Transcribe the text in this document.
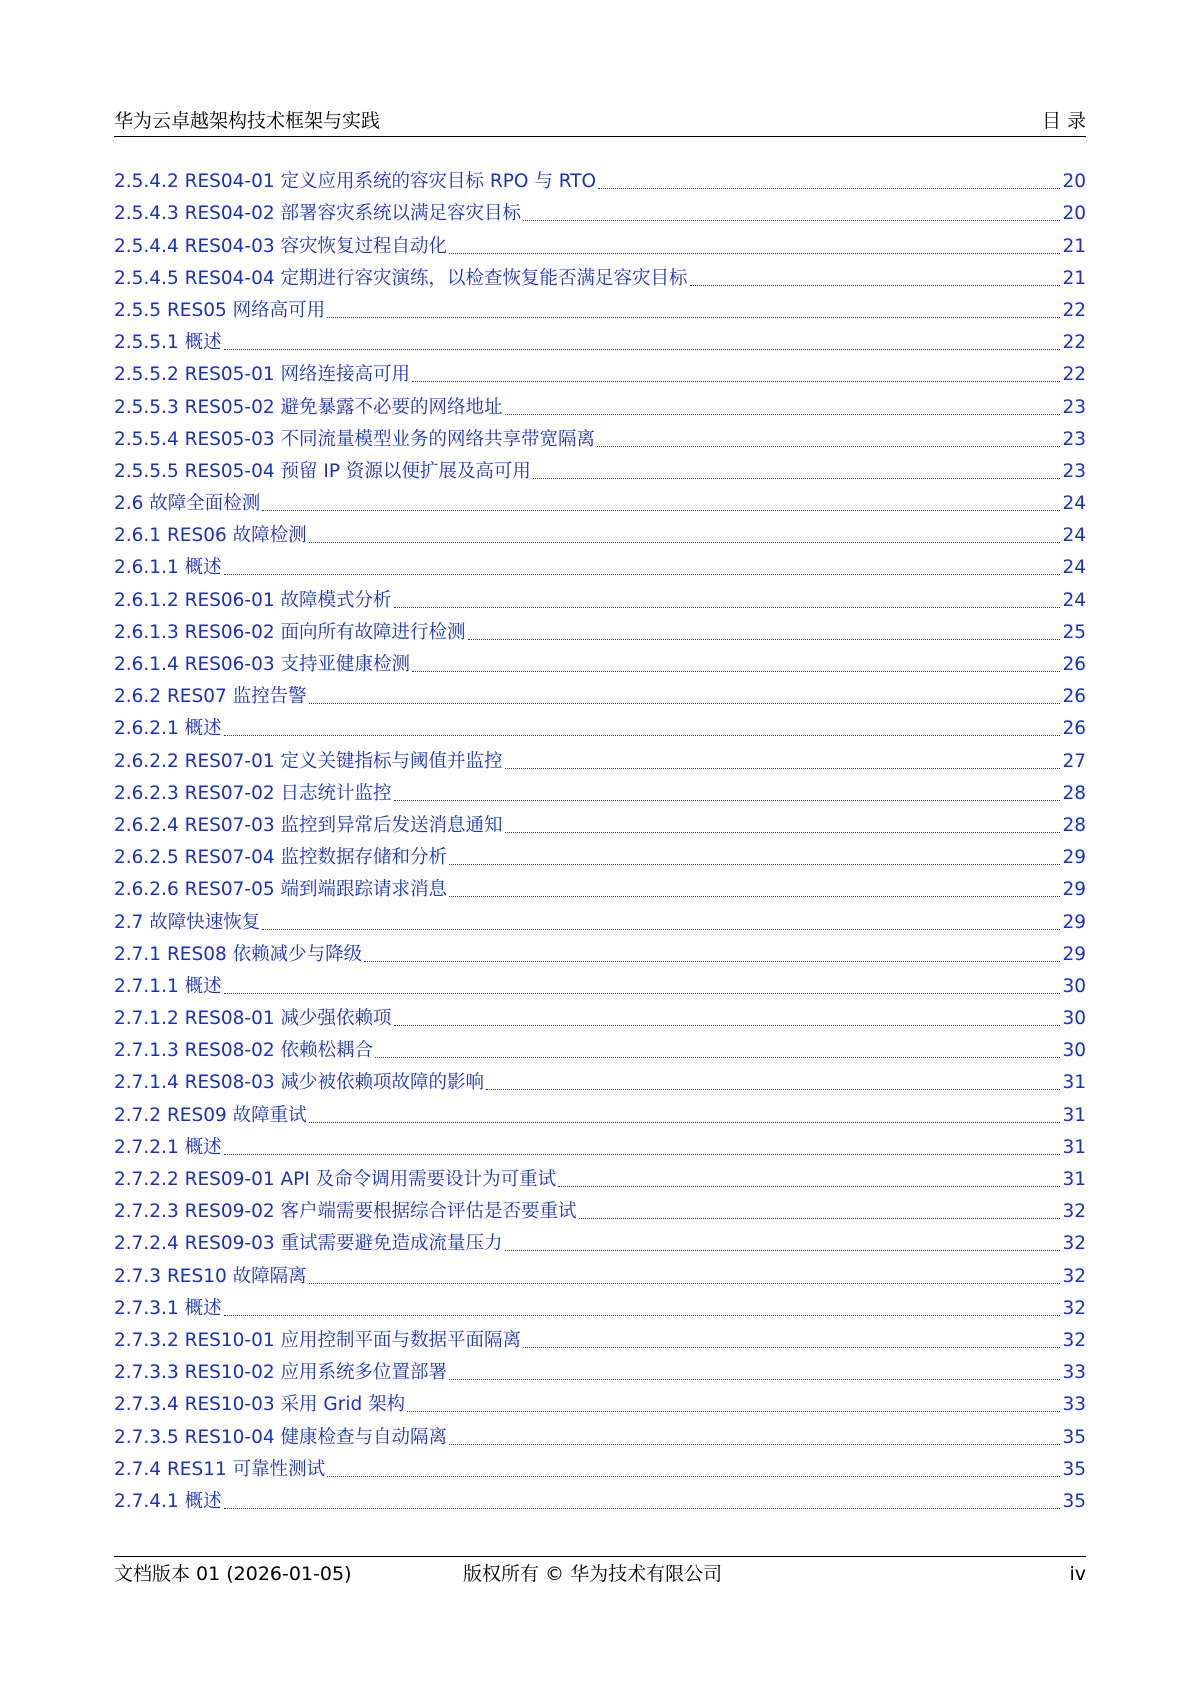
华为云卓越架构技术框架与实践	目 录
2.5.4.2 RES04-01 定义应用系统的容灾目标 RPO 与 RTO	20
2.5.4.3 RES04-02 部署容灾系统以满足容灾目标	20
2.5.4.4 RES04-03 容灾恢复过程自动化	21
2.5.4.5 RES04-04 定期进行容灾演练，以检查恢复能否满足容灾目标	21
2.5.5 RES05 网络高可用	22
2.5.5.1 概述	22
2.5.5.2 RES05-01 网络连接高可用	22
2.5.5.3 RES05-02 避免暴露不必要的网络地址	23
2.5.5.4 RES05-03 不同流量模型业务的网络共享带宽隔离	23
2.5.5.5 RES05-04 预留 IP 资源以便扩展及高可用	23
2.6 故障全面检测	24
2.6.1 RES06 故障检测	24
2.6.1.1 概述	24
2.6.1.2 RES06-01 故障模式分析	24
2.6.1.3 RES06-02 面向所有故障进行检测	25
2.6.1.4 RES06-03 支持亚健康检测	26
2.6.2 RES07 监控告警	26
2.6.2.1 概述	26
2.6.2.2 RES07-01 定义关键指标与阈值并监控	27
2.6.2.3 RES07-02 日志统计监控	28
2.6.2.4 RES07-03 监控到异常后发送消息通知	28
2.6.2.5 RES07-04 监控数据存储和分析	29
2.6.2.6 RES07-05 端到端跟踪请求消息	29
2.7 故障快速恢复	29
2.7.1 RES08 依赖减少与降级	29
2.7.1.1 概述	30
2.7.1.2 RES08-01 减少强依赖项	30
2.7.1.3 RES08-02 依赖松耦合	30
2.7.1.4 RES08-03 减少被依赖项故障的影响	31
2.7.2 RES09 故障重试	31
2.7.2.1 概述	31
2.7.2.2 RES09-01 API 及命令调用需要设计为可重试	31
2.7.2.3 RES09-02 客户端需要根据综合评估是否要重试	32
2.7.2.4 RES09-03 重试需要避免造成流量压力	32
2.7.3 RES10 故障隔离	32
2.7.3.1 概述	32
2.7.3.2 RES10-01 应用控制平面与数据平面隔离	32
2.7.3.3 RES10-02 应用系统多位置部署	33
2.7.3.4 RES10-03 采用 Grid 架构	33
2.7.3.5 RES10-04 健康检查与自动隔离	35
2.7.4 RES11 可靠性测试	35
2.7.4.1 概述	35
文档版本 01 (2026-01-05)	版权所有 © 华为技术有限公司	iv
